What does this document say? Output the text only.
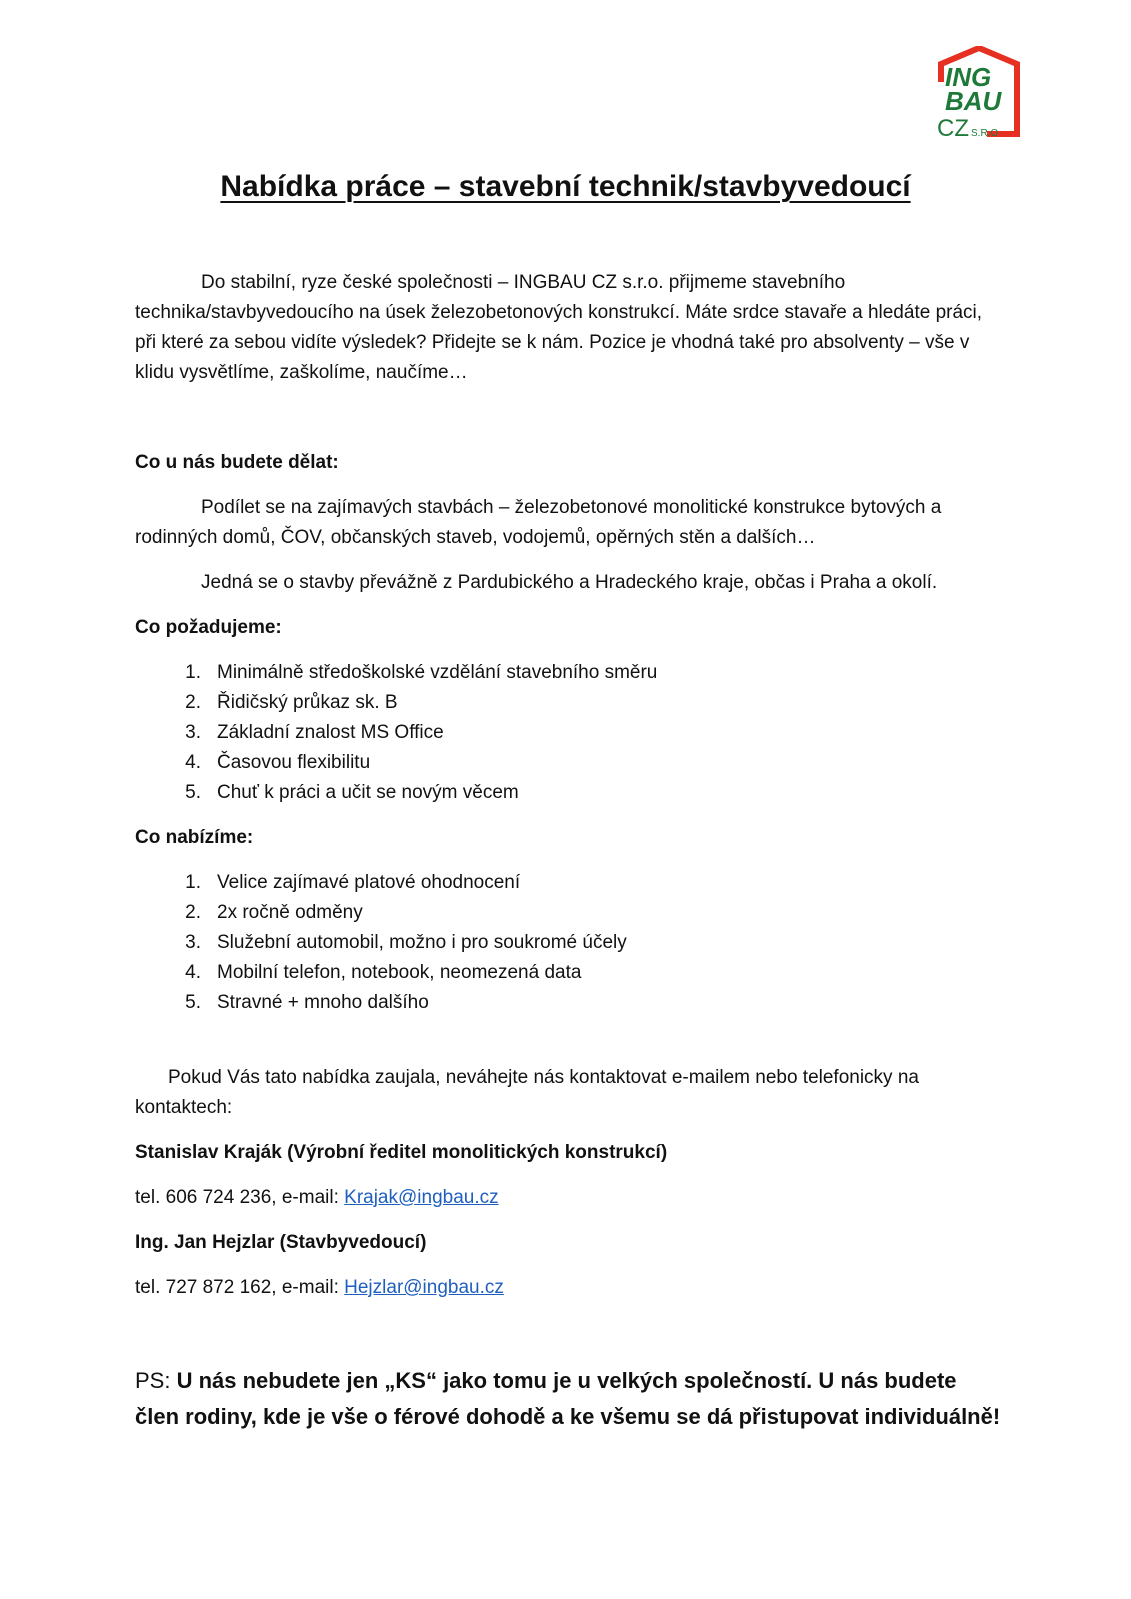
ING
BAU
CZ S.R.O
Nabídka práce – stavební technik/stavbyvedoucí

Do stabilní, ryze české společnosti – INGBAU CZ s.r.o. přijmeme stavebního technika/stavbyvedoucího na úsek železobetonových konstrukcí. Máte srdce stavaře a hledáte práci, při které za sebou vidíte výsledek? Přidejte se k nám. Pozice je vhodná také pro absolventy – vše v klidu vysvětlíme, zaškolíme, naučíme…

Co u nás budete dělat:

Podílet se na zajímavých stavbách – železobetonové monolitické konstrukce bytových a rodinných domů, ČOV, občanských staveb, vodojemů, opěrných stěn a dalších…

Jedná se o stavby převážně z Pardubického a Hradeckého kraje, občas i Praha a okolí.

Co požadujeme:

1. Minimálně středoškolské vzdělání stavebního směru
2. Řidičský průkaz sk. B
3. Základní znalost MS Office
4. Časovou flexibilitu
5. Chuť k práci a učit se novým věcem

Co nabízíme:

1. Velice zajímavé platové ohodnocení
2. 2x ročně odměny
3. Služební automobil, možno i pro soukromé účely
4. Mobilní telefon, notebook, neomezená data
5. Stravné + mnoho dalšího

Pokud Vás tato nabídka zaujala, neváhejte nás kontaktovat e-mailem nebo telefonicky na kontaktech:

Stanislav Kraják (Výrobní ředitel monolitických konstrukcí)

tel. 606 724 236, e-mail: Krajak@ingbau.cz

Ing. Jan Hejzlar (Stavbyvedoucí)

tel. 727 872 162, e-mail: Hejzlar@ingbau.cz

PS: U nás nebudete jen „KS“ jako tomu je u velkých společností. U nás budete člen rodiny, kde je vše o férové dohodě a ke všemu se dá přistupovat individuálně!
